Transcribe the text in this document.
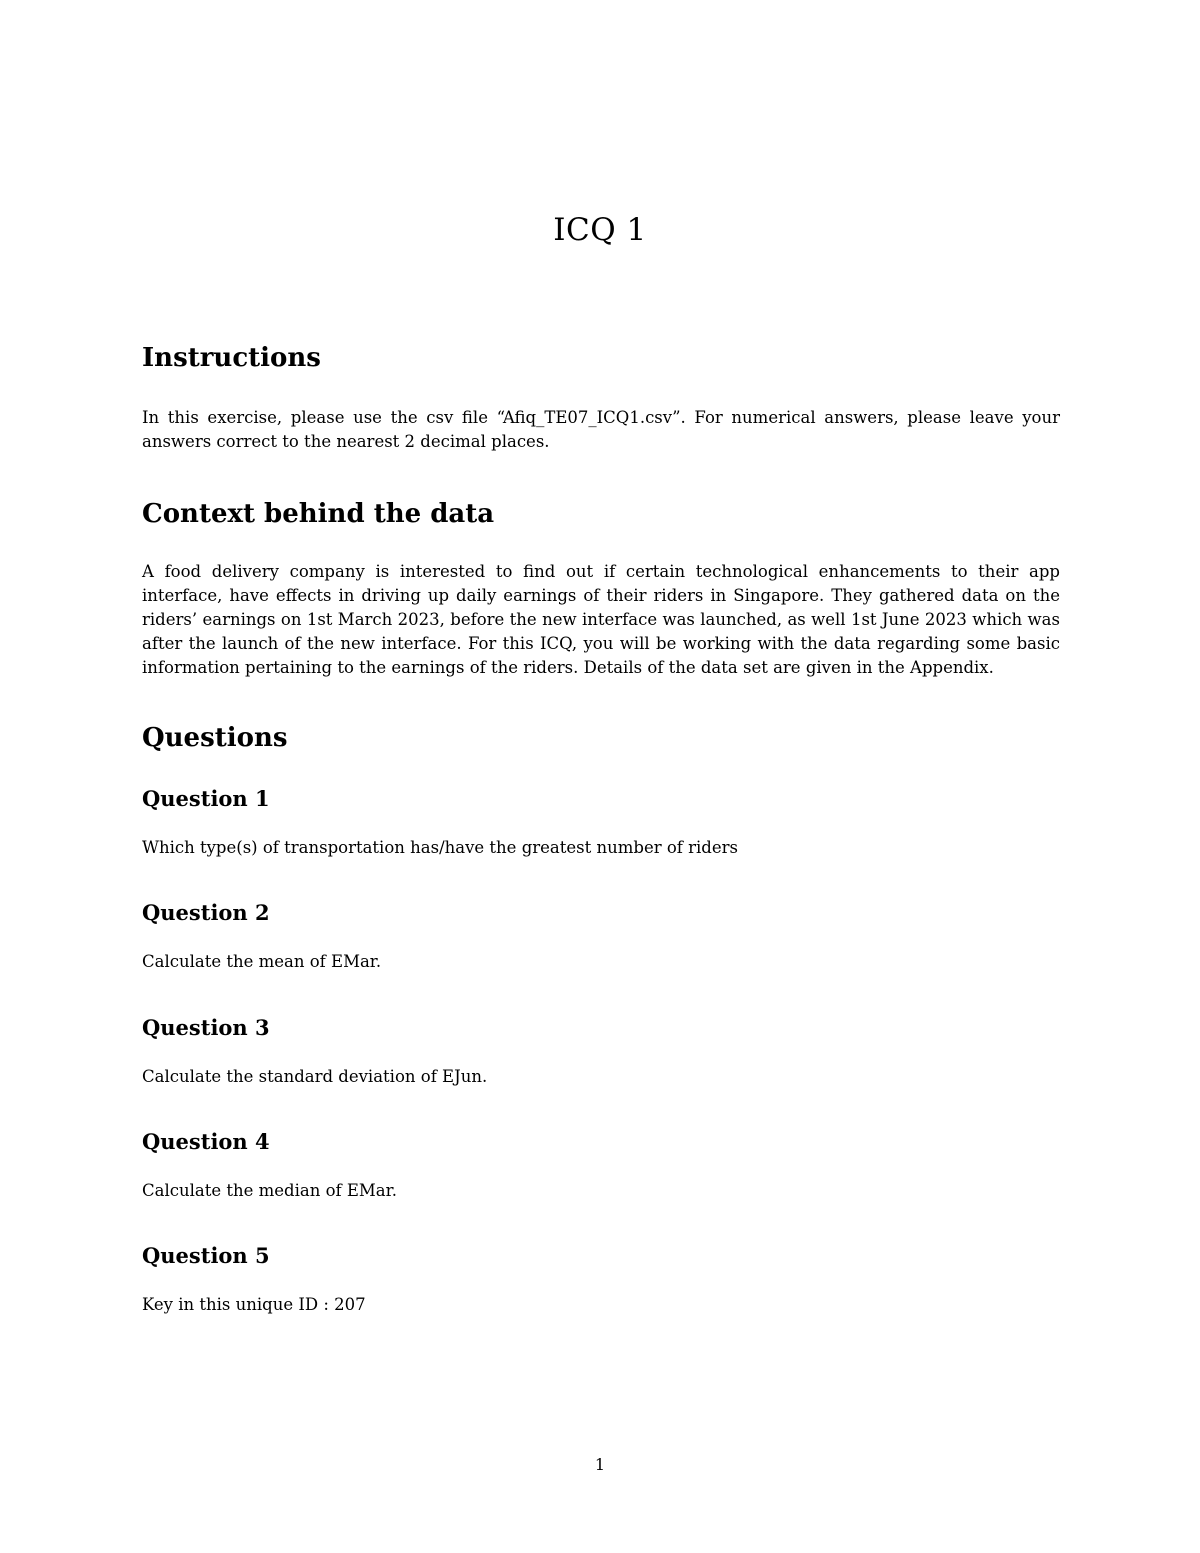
ICQ 1
Instructions

In this exercise, please use the csv file “Afiq_TE07_ICQ1.csv”. For numerical answers, please leave your answers correct to the nearest 2 decimal places.

Context behind the data

A food delivery company is interested to find out if certain technological enhancements to their app interface, have effects in driving up daily earnings of their riders in Singapore. They gathered data on the riders’ earnings on 1st March 2023, before the new interface was launched, as well 1st June 2023 which was after the launch of the new interface. For this ICQ, you will be working with the data regarding some basic information pertaining to the earnings of the riders. Details of the data set are given in the Appendix.

Questions
Question 1

Which type(s) of transportation has/have the greatest number of riders

Question 2

Calculate the mean of EMar.

Question 3

Calculate the standard deviation of EJun.

Question 4

Calculate the median of EMar.

Question 5

Key in this unique ID : 207

1
